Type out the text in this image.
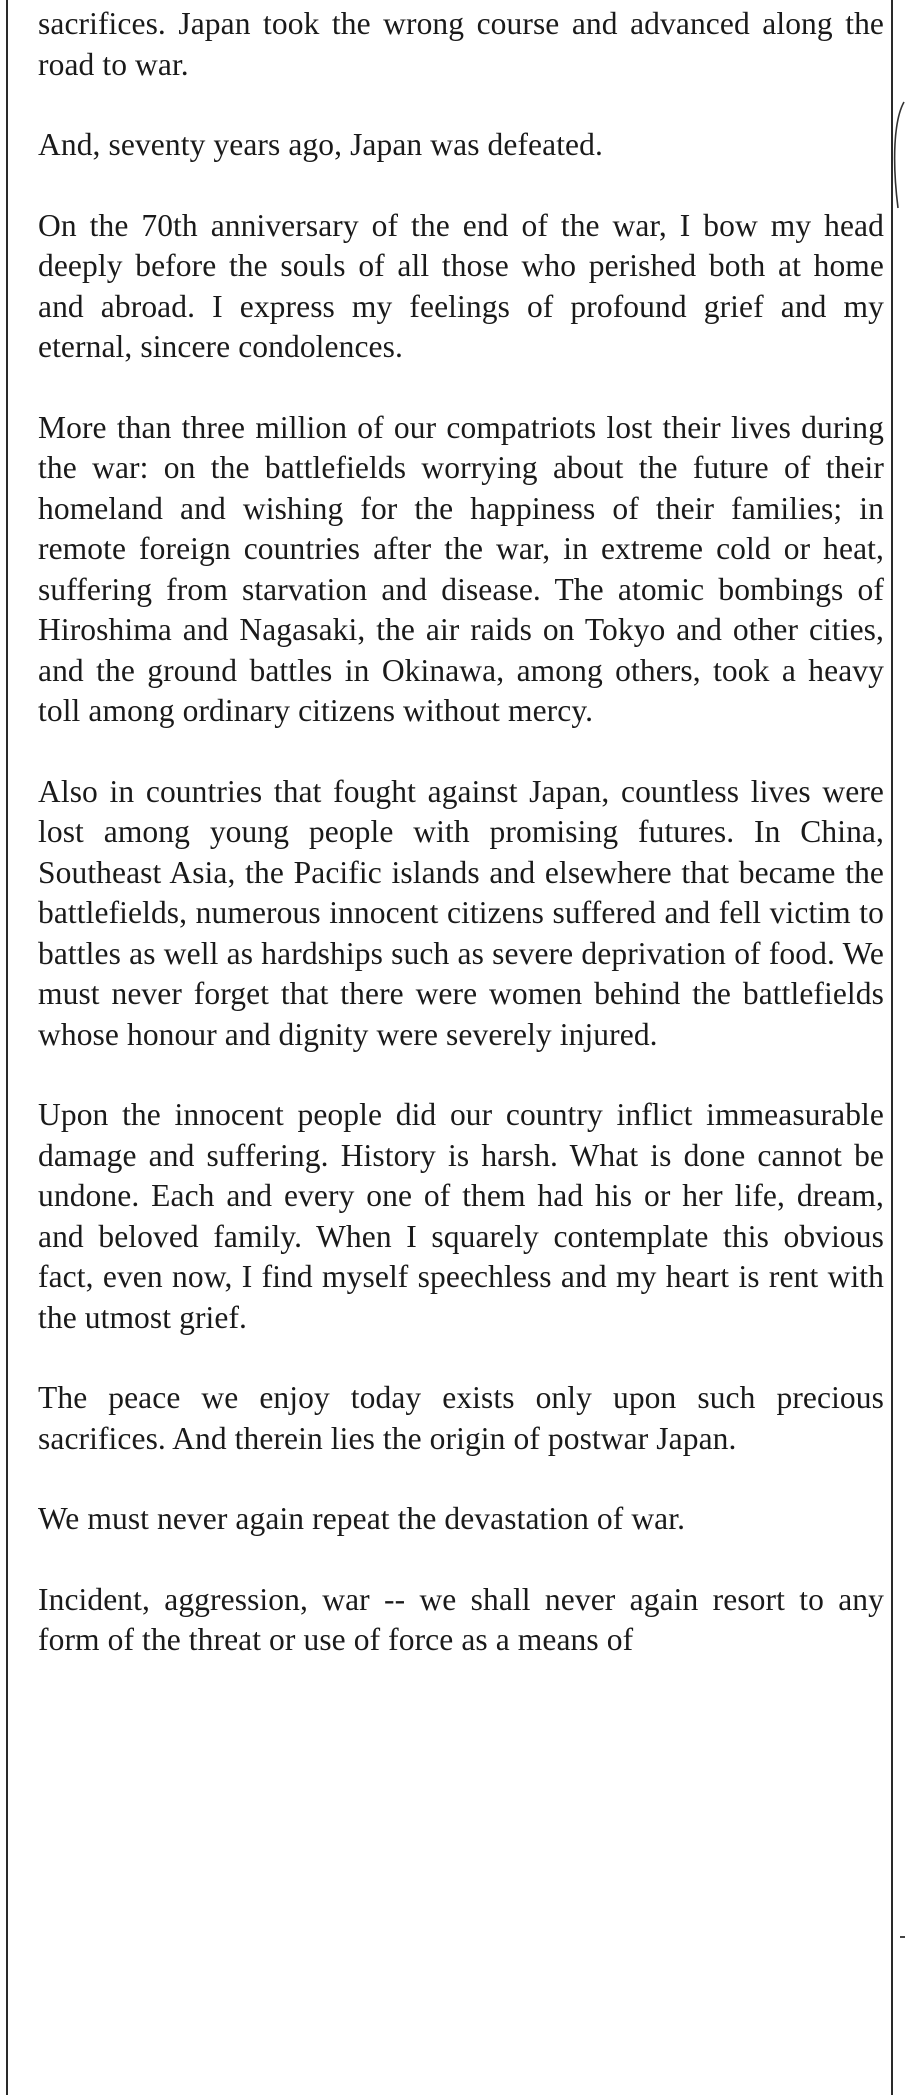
sacrifices. Japan took the wrong course and advanced along the road to war.

And, seventy years ago, Japan was defeated.

On the 70th anniversary of the end of the war, I bow my head deeply before the souls of all those who perished both at home and abroad. I express my feelings of profound grief and my eternal, sincere condolences.

More than three million of our compatriots lost their lives during the war: on the battlefields worrying about the future of their homeland and wishing for the happiness of their families; in remote foreign countries after the war, in extreme cold or heat, suffering from starvation and disease. The atomic bombings of Hiroshima and Nagasaki, the air raids on Tokyo and other cities, and the ground battles in Okinawa, among others, took a heavy toll among ordinary citizens without mercy.

Also in countries that fought against Japan, countless lives were lost among young people with promising futures. In China, Southeast Asia, the Pacific islands and elsewhere that became the battlefields, numerous innocent citizens suffered and fell victim to battles as well as hardships such as severe deprivation of food. We must never forget that there were women behind the battlefields whose honour and dignity were severely injured.

Upon the innocent people did our country inflict immeasurable damage and suffering. History is harsh. What is done cannot be undone. Each and every one of them had his or her life, dream, and beloved family. When I squarely contemplate this obvious fact, even now, I find myself speechless and my heart is rent with the utmost grief.

The peace we enjoy today exists only upon such precious sacrifices. And therein lies the origin of postwar Japan.

We must never again repeat the devastation of war.

Incident, aggression, war -- we shall never again resort to any form of the threat or use of force as a means of
